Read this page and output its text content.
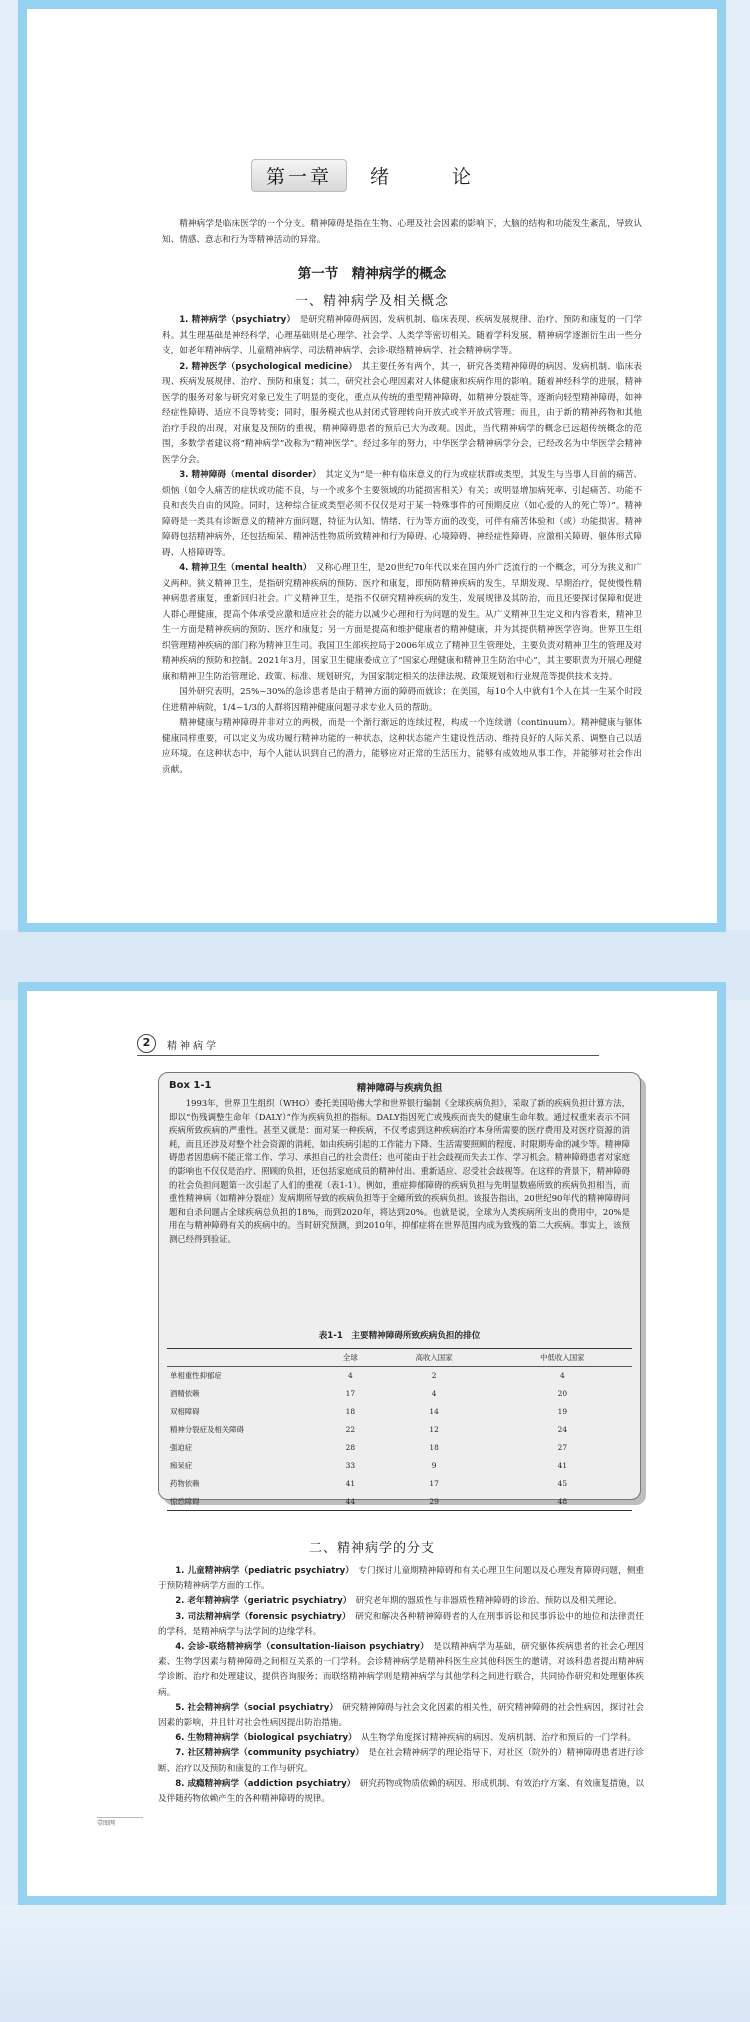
第一章 绪　论

精神病学是临床医学的一个分支。精神障碍是指在生物、心理及社会因素的影响下，大脑的结构和功能发生紊乱，导致认知、情感、意志和行为等精神活动的异常。

第一节　精神病学的概念
一、精神病学及相关概念

1. 精神病学（psychiatry）　 是研究精神障碍病因、发病机制、临床表现、疾病发展规律、治疗、预防和康复的一门学科。其生理基础是神经科学，心理基础则是心理学、社会学、人类学等密切相关。随着学科发展，精神病学逐渐衍生出一些分支，如老年精神病学、儿童精神病学、司法精神病学、会诊-联络精神病学、社会精神病学等。

2. 精神医学（psychological medicine）　 其主要任务有两个，其一，研究各类精神障碍的病因、发病机制、临床表现、疾病发展规律、治疗、预防和康复；其二，研究社会心理因素对人体健康和疾病作用的影响。随着神经科学的进展，精神医学的服务对象与研究对象已发生了明显的变化，重点从传统的重型精神障碍，如精神分裂症等，逐渐向轻型精神障碍，如神经症性障碍、适应不良等转变；同时，服务模式也从封闭式管理转向开放式或半开放式管理；而且，由于新的精神药物和其他治疗手段的出现，对康复及预防的重视，精神障碍患者的预后已大为改观。因此，当代精神病学的概念已远超传统概念的范围，多数学者建议将“精神病学”改称为“精神医学”。经过多年的努力，中华医学会精神病学分会，已经改名为中华医学会精神医学分会。

3. 精神障碍（mental disorder）　 其定义为“是一种有临床意义的行为或症状群或类型，其发生与当事人目前的痛苦、烦恼（如令人痛苦的症状或功能不良，与一个或多个主要领域的功能损害相关）有关；或明显增加病死率、引起痛苦、功能不良和丧失自由的风险。同时，这种综合征或类型必须不仅仅是对于某一特殊事件的可预期反应（如心爱的人的死亡等）”。精神障碍是一类具有诊断意义的精神方面问题，特征为认知、情绪、行为等方面的改变，可伴有痛苦体验和（或）功能损害。精神障碍包括精神病外，还包括痴呆、精神活性物质所致精神和行为障碍、心境障碍、神经症性障碍、应激相关障碍、躯体形式障碍、人格障碍等。

4. 精神卫生（mental health）　 又称心理卫生，是20世纪70年代以来在国内外广泛流行的一个概念，可分为狭义和广义两种。狭义精神卫生，是指研究精神疾病的预防、医疗和康复，即预防精神疾病的发生，早期发现、早期治疗，促使慢性精神病患者康复，重新回归社会。广义精神卫生，是指不仅研究精神疾病的发生、发展规律及其防治，而且还要探讨保障和促进人群心理健康，提高个体承受应激和适应社会的能力以减少心理和行为问题的发生。从广义精神卫生定义和内容看来，精神卫生一方面是精神疾病的预防、医疗和康复；另一方面是提高和维护健康者的精神健康，并为其提供精神医学咨询。世界卫生组织管理精神疾病的部门称为精神卫生司。我国卫生部疾控局于2006年成立了精神卫生管理处，主要负责对精神卫生的管理及对精神疾病的预防和控制。2021年3月，国家卫生健康委成立了“国家心理健康和精神卫生防治中心”，其主要职责为开展心理健康和精神卫生防治管理论、政策、标准、规划研究，为国家制定相关的法律法规、政策规划和行业规范等提供技术支持。

国外研究表明，25%~30%的急诊患者是由于精神方面的障碍而就诊；在美国，每10个人中就有1个人在其一生某个时段住进精神病院，1/4~1/3的人群将因精神健康问题寻求专业人员的帮助。

精神健康与精神障碍并非对立的两极，而是一个渐行渐远的连续过程，构成一个连续谱（continuum）。精神健康与躯体健康同样重要，可以定义为成功履行精神功能的一种状态，这种状态能产生建设性活动、维持良好的人际关系、调整自己以适应环境。在这种状态中，每个人能认识到自己的潜力，能够应对正常的生活压力，能够有成效地从事工作，并能够对社会作出贡献。

2	精神病学
精神障碍与疾病负担
Box 1-1

1993年，世界卫生组织（WHO）委托美国哈佛大学和世界银行编制《全球疾病负担》，采取了新的疾病负担计算方法，即以“伤残调整生命年（DALY）”作为疾病负担的指标。DALY指因死亡或残疾而丧失的健康生命年数。通过权重来表示不同疾病所致疾病的严重性。甚至又就是：面对某一种疾病，不仅考虑到这种疾病治疗本身所需要的医疗费用及对医疗资源的消耗，而且还涉及对整个社会资源的消耗，如由疾病引起的工作能力下降、生活需要照顾的程度、时限期寿命的减少等。精神障碍患者因患病不能正常工作、学习、承担自己的社会责任；也可能由于社会歧视而失去工作、学习机会。精神障碍患者对家庭的影响也不仅仅是治疗、照顾的负担，还包括家庭成员的精神付出、重新适应、忍受社会歧视等。在这样的背景下，精神障碍的社会负担问题第一次引起了人们的重视（表1-1）。例如，重症抑郁障碍的疾病负担与先明显数癌所致的疾病负担相当，而重性精神病（如精神分裂症）发病期所导致的疾病负担等于全瘫所致的疾病负担。该报告指出，20世纪90年代的精神障碍问题和自杀问题占全球疾病总负担的18%，而到2020年，将达到20%。也就是说，全球为人类疾病所支出的费用中，20%是用在与精神障碍有关的疾病中的。当时研究预测，到2010年，抑郁症将在世界范围内成为致残的第二大疾病。事实上，该预测已经得到验证。

表1-1　主要精神障碍所致疾病负担的排位
	全球	高收入国家	中低收入国家
单相重性抑郁症	4	2	4
酒精依赖	17	4	20
双相障碍	18	14	19
精神分裂症及相关障碍	22	12	24
强迫症	28	18	27
痴呆症	33	9	41
药物依赖	41	17	45
惊恐障碍	44	29	48
二、精神病学的分支

1. 儿童精神病学（pediatric psychiatry）　 专门探讨儿童期精神障碍和有关心理卫生问题以及心理发育障碍问题，侧重于预防精神病学方面的工作。

2. 老年精神病学（geriatric psychiatry）　 研究老年期的器质性与非器质性精神障碍的诊治、预防以及相关理论。

3. 司法精神病学（forensic psychiatry）　 研究和解决各种精神障碍者的人在刑事诉讼和民事诉讼中的地位和法律责任的学科，是精神病学与法学间的边缘学科。

4. 会诊-联络精神病学（consultation-liaison psychiatry）　 是以精神病学为基础，研究躯体疾病患者的社会心理因素、生物学因素与精神障碍之间相互关系的一门学科。会诊精神病学是精神科医生应其他科医生的邀请，对该科患者提出精神病学诊断、治疗和处理建议，提供咨询服务；而联络精神病学则是精神病学与其他学科之间进行联合，共同协作研究和处理躯体疾病。

5. 社会精神病学（social psychiatry）　 研究精神障碍与社会文化因素的相关性，研究精神障碍的社会性病因，探讨社会因素的影响，并且针对社会性病因提出防治措施。

6. 生物精神病学（biological psychiatry）　 从生物学角度探讨精神疾病的病因、发病机制、治疗和预后的一门学科。

7. 社区精神病学（community psychiatry）　 是在社会精神病学的理论指导下，对社区（院外的）精神障碍患者进行诊断、治疗以及预防和康复的工作与研究。

8. 成瘾精神病学（addiction psychiatry）　 研究药物或物质依赖的病因、形成机制、有效治疗方案、有效康复措施，以及伴随药物依赖产生的各种精神障碍的规律。

壹图网
